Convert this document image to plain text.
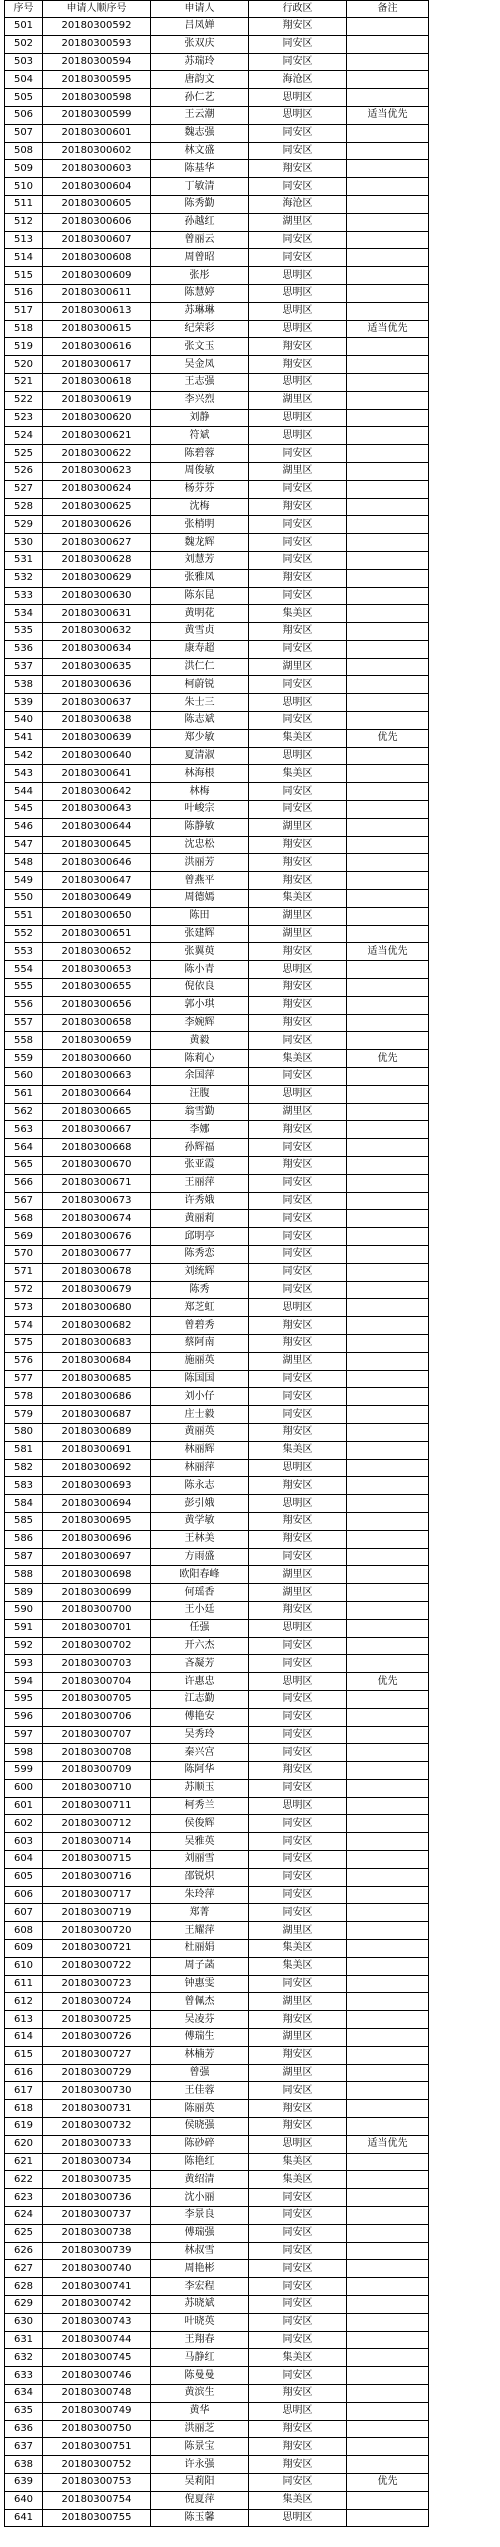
序号	申请人顺序号	申请人	行政区	备注
501	20180300592	吕凤婵	翔安区	
502	20180300593	张双庆	同安区	
503	20180300594	苏瑞玲	同安区	
504	20180300595	唐韵文	海沧区	
505	20180300598	孙仁艺	思明区	
506	20180300599	王云潮	思明区	适当优先
507	20180300601	魏志强	同安区	
508	20180300602	林文盛	同安区	
509	20180300603	陈基华	翔安区	
510	20180300604	丁敏清	同安区	
511	20180300605	陈秀勤	海沧区	
512	20180300606	孙越红	湖里区	
513	20180300607	曾丽云	同安区	
514	20180300608	周曾昭	同安区	
515	20180300609	张彤	思明区	
516	20180300611	陈慧婷	思明区	
517	20180300613	苏琳琳	思明区	
518	20180300615	纪荣彩	思明区	适当优先
519	20180300616	张文玉	翔安区	
520	20180300617	吴金凤	翔安区	
521	20180300618	王志强	思明区	
522	20180300619	李兴烈	湖里区	
523	20180300620	刘静	思明区	
524	20180300621	符斌	思明区	
525	20180300622	陈碧蓉	同安区	
526	20180300623	周俊敏	湖里区	
527	20180300624	杨芬芬	同安区	
528	20180300625	沈梅	翔安区	
529	20180300626	张梢明	同安区	
530	20180300627	魏龙辉	同安区	
531	20180300628	刘慧芳	同安区	
532	20180300629	张雅凤	翔安区	
533	20180300630	陈东昆	同安区	
534	20180300631	黄明花	集美区	
535	20180300632	黄雪贞	翔安区	
536	20180300634	康寿超	同安区	
537	20180300635	洪仁仁	湖里区	
538	20180300636	柯蔚锐	同安区	
539	20180300637	朱士三	思明区	
540	20180300638	陈志斌	同安区	
541	20180300639	郑少敏	集美区	优先
542	20180300640	夏清淑	思明区	
543	20180300641	林海根	集美区	
544	20180300642	林梅	同安区	
545	20180300643	叶峻宗	同安区	
546	20180300644	陈静敏	湖里区	
547	20180300645	沈忠松	翔安区	
548	20180300646	洪丽芳	翔安区	
549	20180300647	曾燕平	翔安区	
550	20180300649	周德嫣	集美区	
551	20180300650	陈田	湖里区	
552	20180300651	张建辉	湖里区	
553	20180300652	张翼萸	翔安区	适当优先
554	20180300653	陈小青	思明区	
555	20180300655	倪依良	翔安区	
556	20180300656	郭小琪	翔安区	
557	20180300658	李婉辉	翔安区	
558	20180300659	黄毅	同安区	
559	20180300660	陈莉心	集美区	优先
560	20180300663	余国萍	同安区	
561	20180300664	汪腹	思明区	
562	20180300665	翁雪勤	湖里区	
563	20180300667	李娜	翔安区	
564	20180300668	孙辉福	同安区	
565	20180300670	张亚霞	翔安区	
566	20180300671	王丽萍	同安区	
567	20180300673	许秀娥	同安区	
568	20180300674	黄丽莉	同安区	
569	20180300676	邱明亭	同安区	
570	20180300677	陈秀恋	同安区	
571	20180300678	刘统辉	同安区	
572	20180300679	陈秀	同安区	
573	20180300680	郑芝虹	思明区	
574	20180300682	曾碧秀	翔安区	
575	20180300683	蔡阿南	翔安区	
576	20180300684	施丽英	湖里区	
577	20180300685	陈国国	同安区	
578	20180300686	刘小仔	同安区	
579	20180300687	庄士毅	同安区	
580	20180300689	黄丽英	翔安区	
581	20180300691	林丽辉	集美区	
582	20180300692	林丽萍	思明区	
583	20180300693	陈永志	翔安区	
584	20180300694	彭引娥	思明区	
585	20180300695	黄学敏	翔安区	
586	20180300696	王林美	翔安区	
587	20180300697	方雨盛	同安区	
588	20180300698	欧阳春峰	湖里区	
589	20180300699	何瑶香	湖里区	
590	20180300700	王小廷	翔安区	
591	20180300701	任强	思明区	
592	20180300702	开六杰	同安区	
593	20180300703	吝凝芳	同安区	
594	20180300704	许惠忠	思明区	优先
595	20180300705	江志勤	同安区	
596	20180300706	傅艳安	同安区	
597	20180300707	吴秀玲	同安区	
598	20180300708	秦兴宫	同安区	
599	20180300709	陈阿华	翔安区	
600	20180300710	苏顺玉	同安区	
601	20180300711	柯秀兰	思明区	
602	20180300712	侯俊辉	同安区	
603	20180300714	吴雅英	同安区	
604	20180300715	刘丽雪	同安区	
605	20180300716	邵锐炽	同安区	
606	20180300717	朱玲萍	同安区	
607	20180300719	郑菁	同安区	
608	20180300720	王耀萍	湖里区	
609	20180300721	杜丽娟	集美区	
610	20180300722	周子菡	集美区	
611	20180300723	钟惠雯	同安区	
612	20180300724	曾佩杰	湖里区	
613	20180300725	吴凌芬	翔安区	
614	20180300726	傅瑞生	湖里区	
615	20180300727	林楠芳	翔安区	
616	20180300729	曾强	湖里区	
617	20180300730	王佳蓉	同安区	
618	20180300731	陈丽英	翔安区	
619	20180300732	侯晓强	翔安区	
620	20180300733	陈砂碎	思明区	适当优先
621	20180300734	陈艳红	集美区	
622	20180300735	黄绍清	集美区	
623	20180300736	沈小丽	同安区	
624	20180300737	李景良	同安区	
625	20180300738	傅瑞强	同安区	
626	20180300739	林叔雪	同安区	
627	20180300740	周艳彬	同安区	
628	20180300741	李宏程	同安区	
629	20180300742	苏晓斌	同安区	
630	20180300743	叶晓英	同安区	
631	20180300744	王翔春	同安区	
632	20180300745	马静红	集美区	
633	20180300746	陈曼曼	同安区	
634	20180300748	黄滨生	翔安区	
635	20180300749	黄华	思明区	
636	20180300750	洪丽芝	翔安区	
637	20180300751	陈景宝	翔安区	
638	20180300752	许永强	翔安区	
639	20180300753	吴莉阳	同安区	优先
640	20180300754	倪夏萍	集美区	
641	20180300755	陈玉馨	思明区	
